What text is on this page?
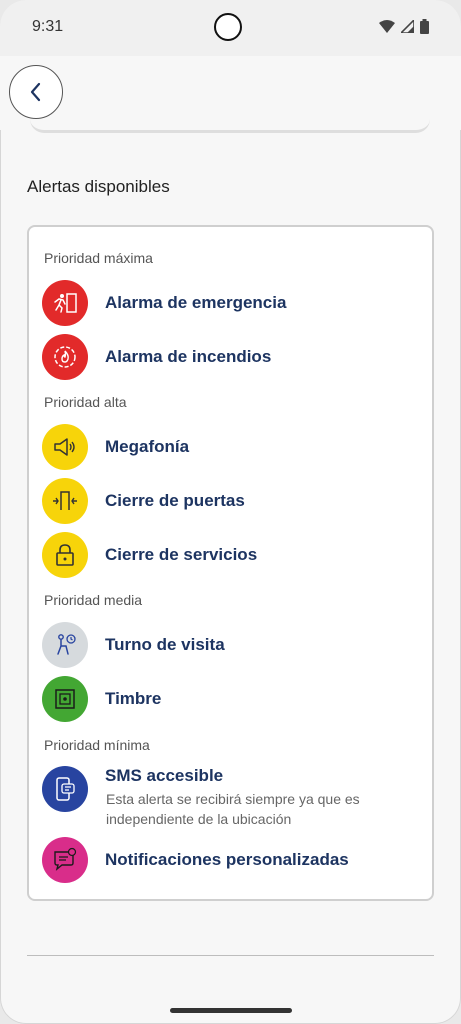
9:31
Alertas disponibles
Prioridad máxima
Alarma de emergencia
Alarma de incendios
Prioridad alta
Megafonía
Cierre de puertas
Cierre de servicios
Prioridad media
Turno de visita
Timbre
Prioridad mínima
SMS accesible
Esta alerta se recibirá siempre ya que es independiente de la ubicación
Notificaciones personalizadas
